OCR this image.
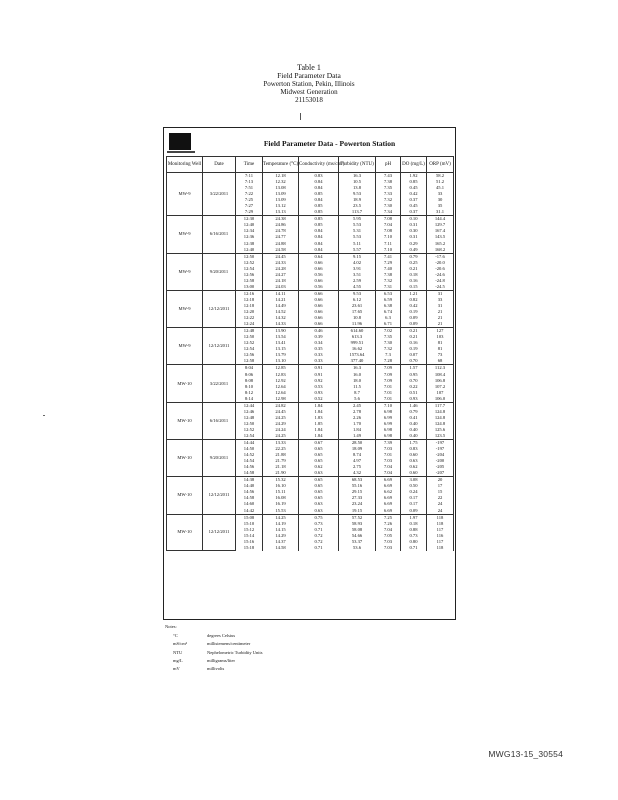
Table 1
Field Parameter Data
Powerton Station, Pekin, Illinois
Midwest Generation
21153018
Field Parameter Data - Powerton Station
Monitoring Well	Date	Time	Temperature (°C)	Conductivity (ms/cm³)	Turbidity (NTU)	pH	DO (mg/L)	ORP (mV)
MW-9	3/22/2011	7:11	12.18	0.83	16.3	7.43	1.92	58.2
		7:13	12.32	0.84	10.5	7.38	0.85	51.2
		7:51	13.08	0.84	13.8	7.35	0.45	45.1
		7:22	13.09	0.85	9.53	7.33	0.42	33
		7:25	13.09	0.84	18.9	7.32	0.37	30
		7:27	13.12	0.85	23.5	7.30	0.45	35
		7:29	13.13	0.85	113.7	7.34	0.37	31.1
MW-9	6/16/2011	12:30	24.38	0.85	5.95	7.08	0.10	144.4
		12:40	24.86	0.85	5.53	7.04	0.31	129.7
		12:34	24.78	0.84	5.31	7.08	0.30	167.4
		12:36	24.77	0.84	5.53	7.10	0.31	143.5
		12:38	24.88	0.84	5.11	7.11	0.29	165.2
		12:40	24.58	0.84	5.57	7.10	0.49	168.2
MW-9	9/20/2011	12:50	24.45	0.64	9.15	7.41	0.79	-17.6
		12:52	24.33	0.66	4.02	7.29	0.25	-20.0
		12:54	24.28	0.66	3.91	7.40	0.21	-20.6
		12:56	24.27	0.56	3.51	7.38	0.18	-24.6
		12:58	24.18	0.66	2.59	7.32	0.16	-24.8
		13:00	24.03	0.56	4.55	7.31	0.15	-24.5
MW-9	12/12/2011	12:16	14.11	0.66	9.53	6.53	1.21	31
		12:18	14.21	0.66	6.12	6.59	0.82	33
		12:18	14.49	0.66	23.61	6.38	0.42	31
		12:20	14.52	0.66	17.65	6.74	0.19	21
		12:22	14.32	0.66	10.8	6.3	0.09	21
		12:24	14.33	0.66	11.96	6.71	0.09	21
MW-9	12/12/2011	12:48	13.90	0.46	614.60	7.02	0.21	127
		12:50	13.54	0.39	613.3	7.35	0.21	103
		12:52	13.41	0.34	999.51	7.30	0.16	81
		12:54	13.15	0.35	16.62	7.32	0.19	81
		12:56	13.79	0.33	1573.64	7.3	0.07	73
		12:58	13.10	0.33	377.40	7.28	0.70	68
MW-10	3/22/2011	8:04	12.85	0.91	16.3	7.09	1.57	112.3
		8:06	12.83	0.91	16.0	7.09	0.95	108.4
		8:08	12.92	0.92	18.0	7.09	0.70	106.8
		8:10	12.64	0.53	11.5	7.01	0.22	107.2
		8:12	12.64	0.93	8.7	7.01	0.51	107
		8:14	12.98	0.52	5.6	7.01	0.93	106.0
MW-10	6/16/2011	12:44	24.82	1.84	2.45	7.10	1.46	117.7
		12:46	24.45	1.84	2.78	6.98	0.79	124.8
		12:48	24.25	1.83	2.26	6.99	0.41	124.8
		12:50	24.29	1.85	1.70	6.99	0.40	124.8
		12:52	24.24	1.84	1.84	6.98	0.40	125.6
		12:54	24.25	1.84	1.49	6.98	0.40	123.5
MW-10	9/20/2011	14:44	13.33	0.67	28.50	7.39	1.75	-197
		14:50	22.25	0.65	18.09	7.03	0.83	-197
		14:52	21.88	0.65	8.74	7.01	0.60	-204
		14:54	21.79	0.65	4.97	7.03	0.63	-200
		14:56	21.18	0.62	2.75	7.04	0.62	-205
		14:58	21.90	0.63	4.32	7.04	0.60	-207
MW-10	12/12/2011	14:38	15.32	0.65	68.53	6.69	3.08	20
		14:40	16.10	0.65	55.16	6.69	0.50	17
		14:56	15.11	0.65	29.15	6.62	0.24	15
		14:58	16.08	0.65	27.33	6.69	0.17	22
		14:60	16.19	0.63	23.24	6.69	0.17	24
		14:42	15.53	0.63	19.15	6.69	0.09	24
MW-10	12/12/2011	15:08	14.25	0.75	57.52	7.25	1.97	118
		15:10	14.19	0.73	58.93	7.26	0.18	118
		15:12	14.15	0.71	58.08	7.04	0.88	117
		15:14	14.29	0.72	54.66	7.05	0.73	116
		15:16	14.37	0.72	53.37	7.03	0.80	117
		15:18	14.58	0.71	53.6	7.03	0.71	118
Notes:
°C	degrees Celsius
mS/cm³	millisiemens/centimeter
NTU	Nephelometric Turbidity Units
mg/L	milligrams/liter
mV	millivolts
MWG13-15_30554
